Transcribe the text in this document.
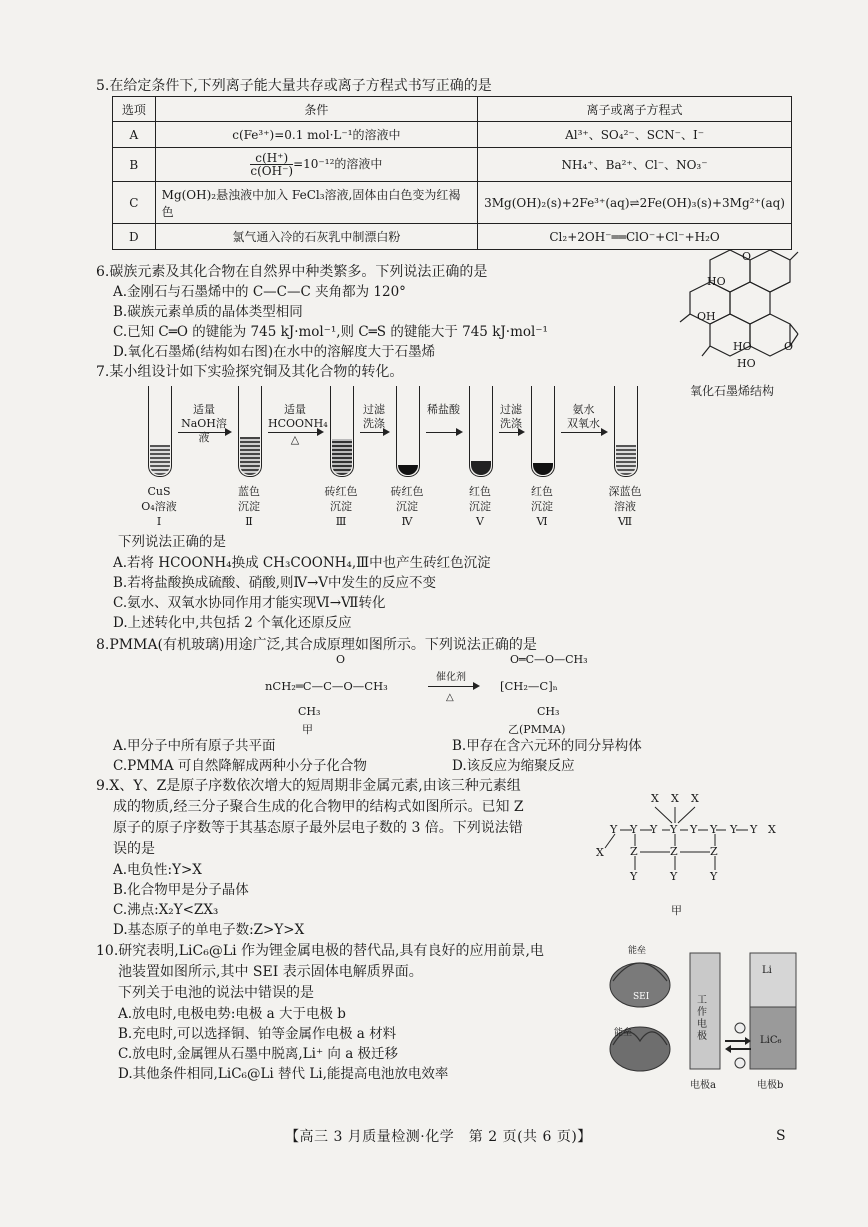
5.在给定条件下,下列离子能大量共存或离子方程式书写正确的是
选项	条件	离子或离子方程式
A	c(Fe³⁺)=0.1 mol·L⁻¹的溶液中	Al³⁺、SO₄²⁻、SCN⁻、I⁻
B	$\frac{c(H^+)}{c(OH^-)}=10^{-12}$的溶液中	NH₄⁺、Ba²⁺、Cl⁻、NO₃⁻
C	Mg(OH)₂悬浊液中加入 FeCl₃溶液,固体由白色变为红褐色	3Mg(OH)₂(s)+2Fe³⁺(aq)⇌2Fe(OH)₃(s)+3Mg²⁺(aq)
D	氯气通入冷的石灰乳中制漂白粉	Cl₂+2OH⁻══ClO⁻+Cl⁻+H₂O
6.碳族元素及其化合物在自然界中种类繁多。下列说法正确的是
A.金刚石与石墨烯中的 C—C—C 夹角都为 120°
B.碳族元素单质的晶体类型相同
C.已知 C═O 的键能为 745 kJ·mol⁻¹,则 C═S 的键能大于 745 kJ·mol⁻¹
D.氧化石墨烯(结构如右图)在水中的溶解度大于石墨烯
HO
OH
HO
HO
O
O
氧化石墨烯结构
7.某小组设计如下实验探究铜及其化合物的转化。
CuS
O₄溶液
Ⅰ
蓝色
沉淀
Ⅱ
砖红色
沉淀
Ⅲ
砖红色
沉淀
Ⅳ
红色
沉淀
Ⅴ
红色
沉淀
Ⅵ
深蓝色
溶液
Ⅶ
适量
NaOH溶液
适量
HCOONH₄
△
过滤
洗涤
稀盐酸	过滤
洗涤
氨水
双氧水
下列说法正确的是
A.若将 HCOONH₄换成 CH₃COONH₄,Ⅲ中也产生砖红色沉淀
B.若将盐酸换成硫酸、硝酸,则Ⅳ→Ⅴ中发生的反应不变
C.氨水、双氧水协同作用才能实现Ⅵ→Ⅶ转化
D.上述转化中,共包括 2 个氧化还原反应
8.PMMA(有机玻璃)用途广泛,其合成原理如图所示。下列说法正确的是
O
nCH₂═C—C—O—CH₃
CH₃
甲
催化剂
△
O═C—O—CH₃
[CH₂—C]ₙ
CH₃
乙(PMMA)
A.甲分子中所有原子共平面	B.甲存在含六元环的同分异构体
C.PMMA 可自然降解成两种小分子化合物	D.该反应为缩聚反应
9.X、Y、Z是原子序数依次增大的短周期非金属元素,由该三种元素组
成的物质,经三分子聚合生成的化合物甲的结构式如图所示。已知 Z
原子的原子序数等于其基态原子最外层电子数的 3 倍。下列说法错
误的是
A.电负性:Y>X
B.化合物甲是分子晶体
C.沸点:X₂Y<ZX₃
D.基态原子的单电子数:Z>Y>X
X X X
Y Y Y Y Y Y Y Y X
X Z	Z	Z
Y	Y	Y
甲
10.研究表明,LiC₆@Li 作为锂金属电极的替代品,具有良好的应用前景,电
池装置如图所示,其中 SEI 表示固体电解质界面。
下列关于电池的说法中错误的是
A.放电时,电极电势:电极 a 大于电极 b
B.充电时,可以选择铜、铂等金属作电极 a 材料
C.放电时,金属锂从石墨中脱离,Li⁺ 向 a 极迁移
D.其他条件相同,LiC₆@Li 替代 Li,能提高电池放电效率
能垒
能垒
SEI	工作电极
Li
LiC₆
电极a	电极b
【高三 3 月质量检测·化学　第 2 页(共 6 页)】	S
